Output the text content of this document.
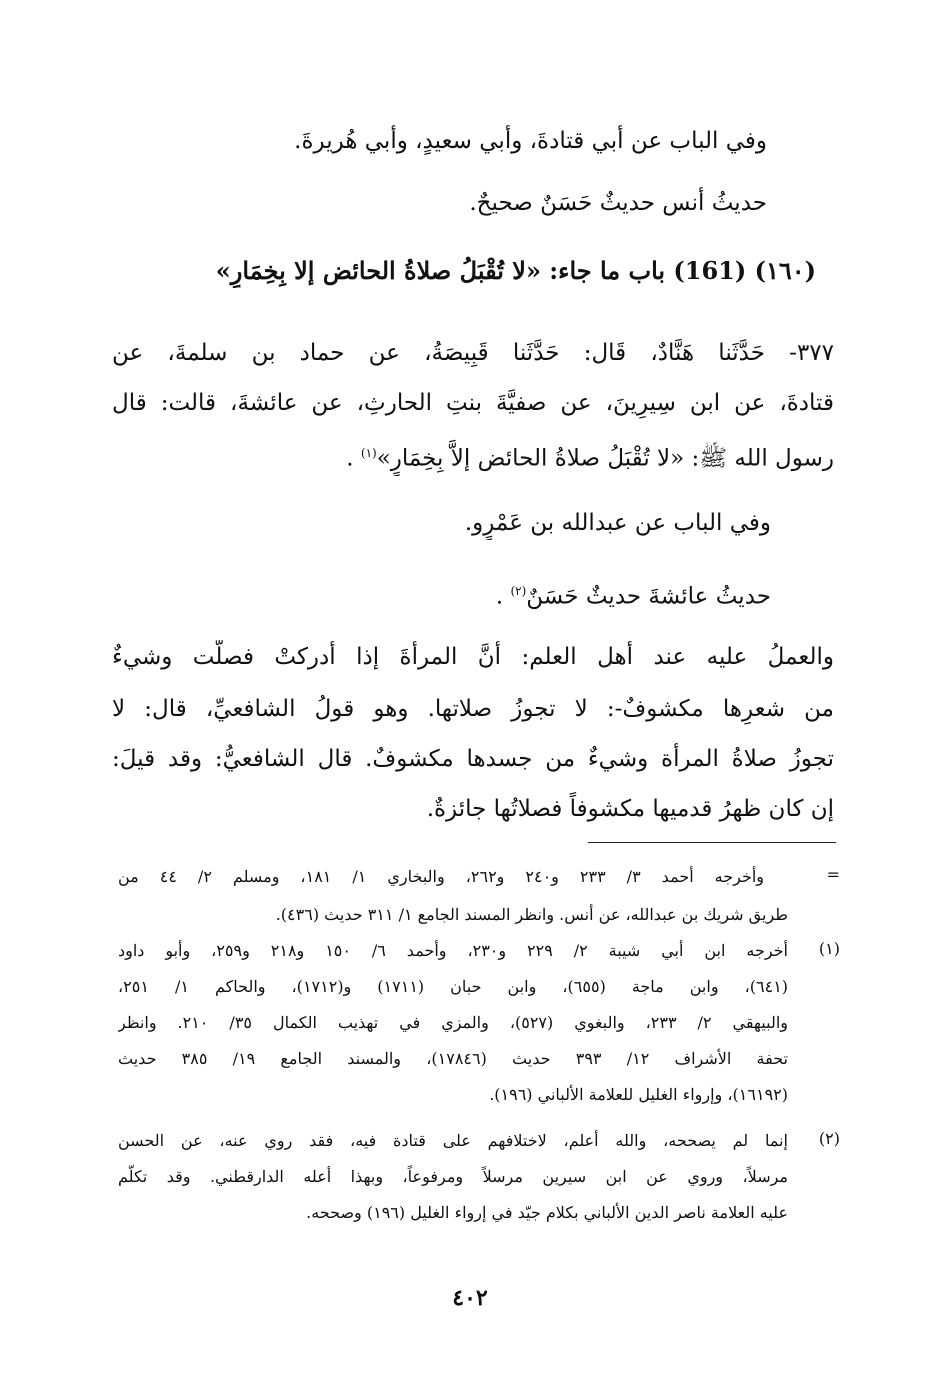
وفي الباب عن أبي قتادةَ، وأبي سعيدٍ، وأبي هُريرةَ.
حديثُ أنس حديثٌ حَسَنٌ صحيحٌ.
(١٦٠) (161) باب ما جاء: «لا تُقْبَلُ صلاةُ الحائض إلا بِخِمَارٍ»
٣٧٧- حَدَّثَنا هَنَّادٌ، قَال: حَدَّثَنا قَبِيصَةُ، عن حماد بن سلمةَ، عن
قتادةَ، عن ابن سِيرِينَ، عن صفيَّةَ بنتِ الحارثِ، عن عائشةَ، قالت: قال
رسول الله ﷺ: «لا تُقْبَلُ صلاةُ الحائض إلاَّ بِخِمَارٍ»$^{(١)}$ .
وفي الباب عن عبدالله بن عَمْرٍو.
حديثُ عائشةَ حديثٌ حَسَنٌ$^{(٢)}$ .
والعملُ عليه عند أهل العلم: أنَّ المرأةَ إذا أدركتْ فصلَّت وشيءٌ
من شعرِها مكشوفٌ-: لا تجوزُ صلاتها. وهو قولُ الشافعيِّ، قال: لا
تجوزُ صلاةُ المرأة وشيءٌ من جسدها مكشوفٌ. قال الشافعيُّ: وقد قيلَ:
إن كان ظهرُ قدميها مكشوفاً فصلاتُها جائزةٌ.
=
وأخرجه أحمد ٣/ ٢٣٣ و٢٤٠ و٢٦٢، والبخاري ١/ ١٨١، ومسلم ٢/ ٤٤ من
طريق شريك بن عبدالله، عن أنس. وانظر المسند الجامع ١/ ٣١١ حديث (٤٣٦).
(١)
أخرجه ابن أبي شيبة ٢/ ٢٢٩ و٢٣٠، وأحمد ٦/ ١٥٠ و٢١٨ و٢٥٩، وأبو داود
(٦٤١)، وابن ماجة (٦٥٥)، وابن حبان (١٧١١) و(١٧١٢)، والحاكم ١/ ٢٥١،
والبيهقي ٢/ ٢٣٣، والبغوي (٥٢٧)، والمزي في تهذيب الكمال ٣٥/ ٢١٠. وانظر
تحفة الأشراف ١٢/ ٣٩٣ حديث (١٧٨٤٦)، والمسند الجامع ١٩/ ٣٨٥ حديث
(١٦١٩٢)، وإرواء الغليل للعلامة الألباني (١٩٦).
(٢)
إنما لم يصححه، والله أعلم، لاختلافهم على قتادة فيه، فقد روي عنه، عن الحسن
مرسلاً، وروي عن ابن سيرين مرسلاً ومرفوعاً، وبهذا أعله الدارقطني. وقد تكلّم
عليه العلامة ناصر الدين الألباني بكلام جيّد في إرواء الغليل (١٩٦) وصححه.
٤٠٢
